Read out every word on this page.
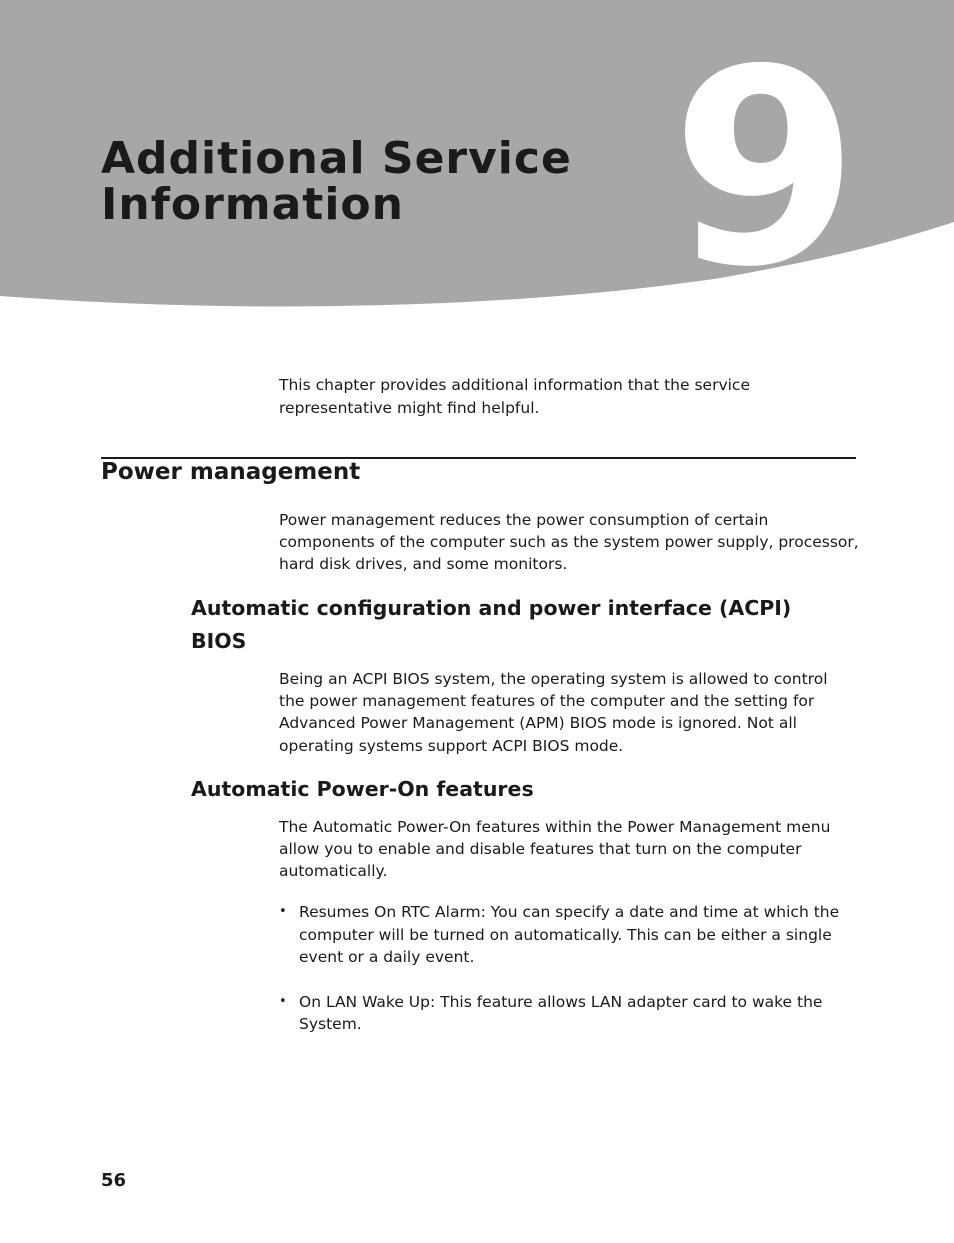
9
Additional Service
Information

This chapter provides additional information that the service representative might find helpful.

Power management

Power management reduces the power consumption of certain components of the computer such as the system power supply, processor, hard disk drives, and some monitors.

Automatic configuration and power interface (ACPI)
BIOS

Being an ACPI BIOS system, the operating system is allowed to control the power management features of the computer and the setting for Advanced Power Management (APM) BIOS mode is ignored. Not all operating systems support ACPI BIOS mode.

Automatic Power-On features

The Automatic Power-On features within the Power Management menu allow you to enable and disable features that turn on the computer automatically.

• Resumes On RTC Alarm: You can specify a date and time at which the computer will be turned on automatically. This can be either a single event or a daily event.
• On LAN Wake Up: This feature allows LAN adapter card to wake the System.

56
